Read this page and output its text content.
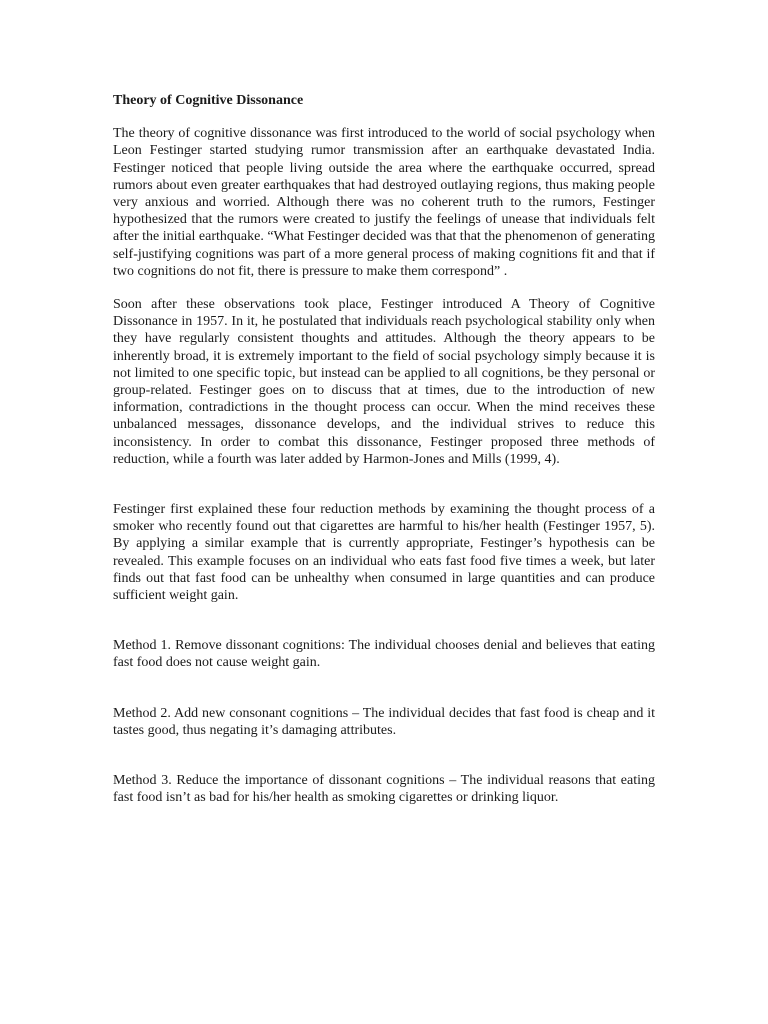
Theory of Cognitive Dissonance

The theory of cognitive dissonance was first introduced to the world of social psychology when Leon Festinger started studying rumor transmission after an earthquake devastated India. Festinger noticed that people living outside the area where the earthquake occurred, spread rumors about even greater earthquakes that had destroyed outlaying regions, thus making people very anxious and worried. Although there was no coherent truth to the rumors, Festinger hypothesized that the rumors were created to justify the feelings of unease that individuals felt after the initial earthquake. “What Festinger decided was that that the phenomenon of generating self-justifying cognitions was part of a more general process of making cognitions fit and that if two cognitions do not fit, there is pressure to make them correspond” .

Soon after these observations took place, Festinger introduced A Theory of Cognitive Dissonance in 1957. In it, he postulated that individuals reach psychological stability only when they have regularly consistent thoughts and attitudes. Although the theory appears to be inherently broad, it is extremely important to the field of social psychology simply because it is not limited to one specific topic, but instead can be applied to all cognitions, be they personal or group-related. Festinger goes on to discuss that at times, due to the introduction of new information, contradictions in the thought process can occur. When the mind receives these unbalanced messages, dissonance develops, and the individual strives to reduce this inconsistency. In order to combat this dissonance, Festinger proposed three methods of reduction, while a fourth was later added by Harmon-Jones and Mills (1999, 4).

Festinger first explained these four reduction methods by examining the thought process of a smoker who recently found out that cigarettes are harmful to his/her health (Festinger 1957, 5). By applying a similar example that is currently appropriate, Festinger’s hypothesis can be revealed. This example focuses on an individual who eats fast food five times a week, but later finds out that fast food can be unhealthy when consumed in large quantities and can produce sufficient weight gain.

Method 1. Remove dissonant cognitions: The individual chooses denial and believes that eating fast food does not cause weight gain.

Method 2. Add new consonant cognitions – The individual decides that fast food is cheap and it tastes good, thus negating it’s damaging attributes.

Method 3. Reduce the importance of dissonant cognitions – The individual reasons that eating fast food isn’t as bad for his/her health as smoking cigarettes or drinking liquor.
